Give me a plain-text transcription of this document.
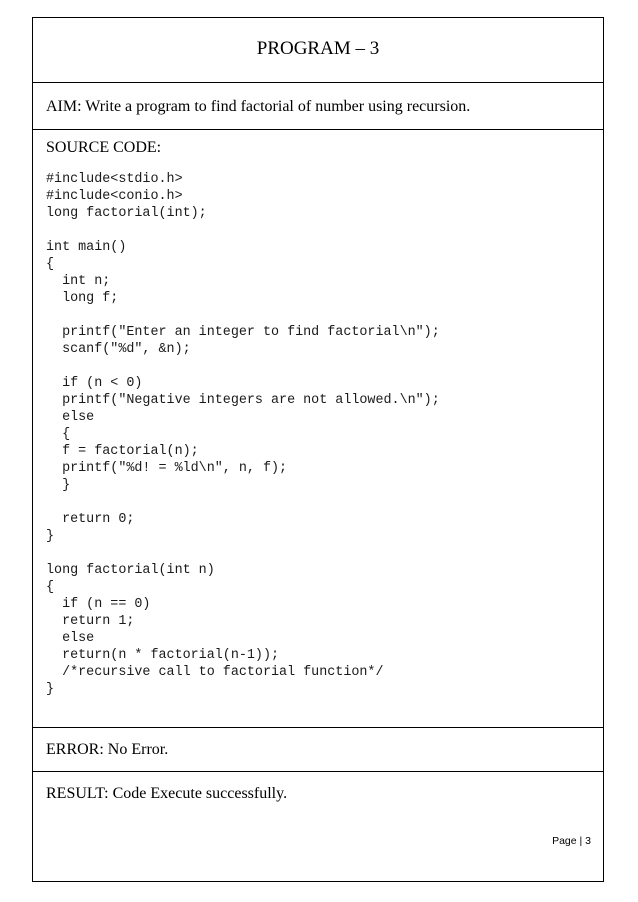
PROGRAM – 3
AIM: Write a program to find factorial of number using recursion.
SOURCE CODE:
#include<stdio.h>
#include<conio.h>
long factorial(int);

int main()
{
int n;
long f;

printf("Enter an integer to find factorial\n");
scanf("%d", &n);

if (n < 0)
printf("Negative integers are not allowed.\n");
else
{
f = factorial(n);
printf("%d! = %ld\n", n, f);
}

return 0;
}

long factorial(int n)
{
if (n == 0)
return 1;
else
return(n * factorial(n-1));
/*recursive call to factorial function*/
}
ERROR: No Error.
RESULT: Code Execute successfully.
Page | 3
